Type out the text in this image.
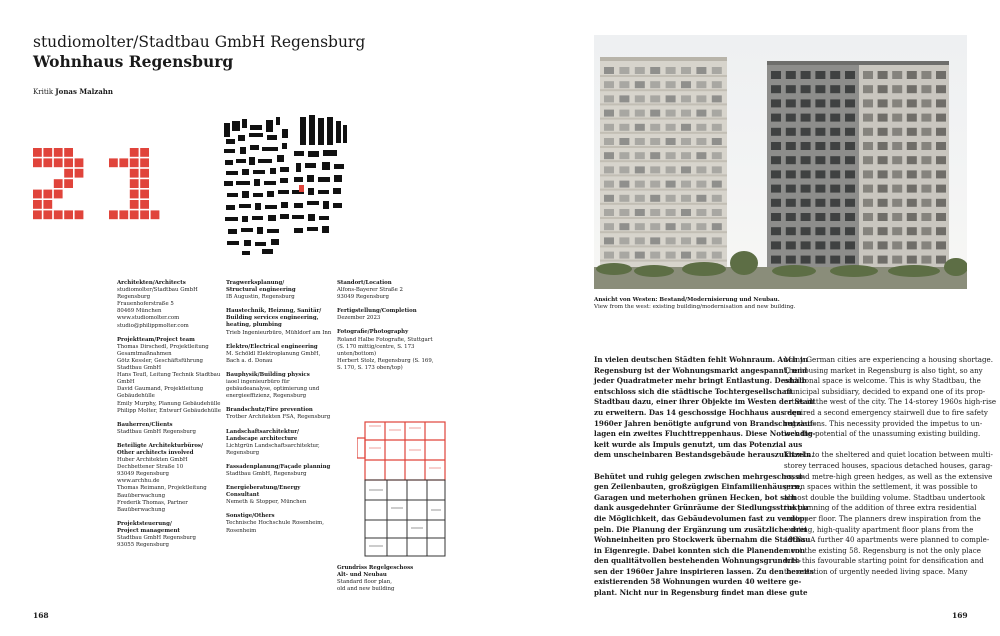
studiomolter/Stadtbau GmbH Regensburg
Wohnhaus Regensburg
Kritik Jonas Malzahn
Architekten/Architects
studiomolter/Stadtbau GmbH
Regensburg
Frauenhoferstraße 5
80469 München
www.studiomolter.com
studio@philippmolter.com
Projektteam/Project team
Thomas Dirschedl, Projektleitung
Gesamtmaßnahmen
Götz Kessler, Geschäftsführung
Stadtbau GmbH
Hans Teufl, Leitung Technik Stadtbau
GmbH
David Gaumand, Projektleitung
Gebäudehülle
Emily Murphy, Planung Gebäudehülle
Philipp Molter, Entwurf Gebäudehülle
Bauherren/Clients
Stadtbau GmbH Regensburg
Beteiligte Architekturbüros/
Other architects involved
Huber Architekten GmbH
Dechbettener Straße 10
93049 Regensburg
www.archhu.de
Thomas Reimann, Projektleitung
Bauüberwachung
Frederik Thomas, Partner
Bauüberwachung
Projektsteuerung/
Project management
Stadtbau GmbH Regensburg
93055 Regensburg
Tragwerksplanung/
Structural engineering
IB Augustin, Regensburg
Haustechnik, Heizung, Sanitär/
Building services engineering,
heating, plumbing
Trieb Ingenieurbüro, Mühldorf am Inn
Elektro/Electrical engineering
M. Schöldl Elektroplanung GmbH,
Bach a. d. Donau
Bauphysik/Building physics
iaoel ingenieurbüro für
gebäudeanalyse, optimierung und
energieeffizienz, Regensburg
Brandschutz/Fire prevention
Trotber Architekten FSA, Regensburg
Landschaftsarchitektur/
Landscape architecture
Lichtgrün Landschaftsarchitektur,
Regensburg
Fassadenplanung/Façade planning
Stadtbau GmbH, Regensburg
Energieberatung/Energy Consultant
Nemeth & Stopper, München
Sonstige/Others
Technische Hochschule Rosenheim,
Rosenheim
Standort/Location
Alfons-Bayerer Straße 2
93049 Regensburg
Fertigstellung/Completion
Dezember 2023
Fotografie/Photography
Roland Halbe Fotografie, Stuttgart
(S. 170 mittig/centre, S. 173
unten/bottom)
Herbert Stolz, Regensburg (S. 169,
S. 170, S. 173 oben/top)
Grundriss Regelgeschoss
Alt- und Neubau
Standard floor plan,
old and new building
Ansicht von Westen: Bestand/Modernisierung und Neubau.
View from the west: existing building/modernisation and new building.
In vielen deutschen Städten fehlt Wohnraum. Auch in
Regensburg ist der Wohnungsmarkt angespannt, und
jeder Quadratmeter mehr bringt Entlastung. Deshalb
entschloss sich die städtische Tochtergesellschaft
Stadtbau dazu, einer ihrer Objekte im Westen der Stadt
zu erweitern. Das 14 geschossige Hochhaus aus den
1960er Jahren benötigte aufgrund von Brandschutzauf-
lagen ein zweites Fluchttreppenhaus. Diese Notwendig-
keit wurde als Impuls genutzt, um das Potenzial aus
dem unscheinbaren Bestandsgebäude herauszukitzeln.
Behütet und ruhig gelegen zwischen mehrgeschossi-
gen Zeilenbauten, großzügigen Einfamilienhäusern,
Garagen und meterhohen grünen Hecken, bot sich
dank ausgedehnter Grünräume der Siedlungsstruktur
die Möglichkeit, das Gebäudevolumen fast zu verdop-
peln. Die Planung der Ergänzung um zusätzliche drei
Wohneinheiten pro Stockwerk übernahm die Stadtbau
in Eigenregie. Dabei konnten sich die Planenden von
den qualitätvollen bestehenden Wohnungsgrundris-
sen der 1960er Jahre inspirieren lassen. Zu den bereits
existierenden 58 Wohnungen wurden 40 weitere ge-
plant. Nicht nur in Regensburg findet man diese gute
Many German cities are experiencing a housing shortage.
The housing market in Regensburg is also tight, so any
additional space is welcome. This is why Stadtbau, the
municipal subsidiary, decided to expand one of its prop-
erties in the west of the city. The 14-storey 1960s high-rise
required a second emergency stairwell due to fire safety
regulations. This necessity provided the impetus to un-
lock the potential of the unassuming existing building.
Thanks to the sheltered and quiet location between multi-
storey terraced houses, spacious detached houses, garag-
es, and metre-high green hedges, as well as the extensive
green spaces within the settlement, it was possible to
almost double the building volume. Stadtbau undertook
the planning of the addition of three extra residential
units per floor. The planners drew inspiration from the
existing, high-quality apartment floor plans from the
1960s. A further 40 apartments were planned to comple-
ment the existing 58. Regensburg is not the only place
with this favourable starting point for densification and
the creation of urgently needed living space. Many
168	169
